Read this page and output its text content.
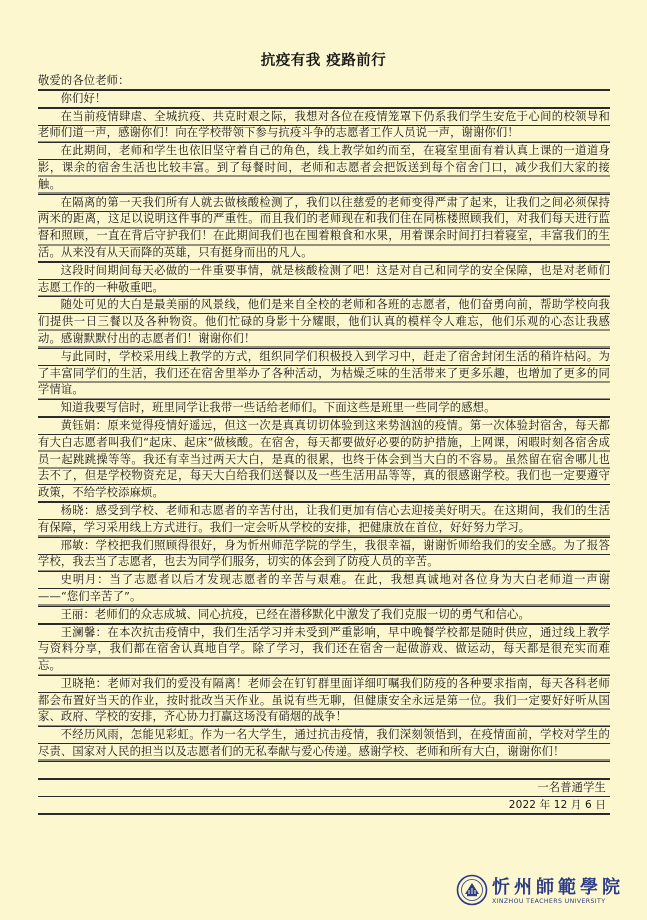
抗疫有我 疫路前行

敬爱的各位老师：

你们好！

在当前疫情肆虐、全城抗疫、共克时艰之际，我想对各位在疫情笼罩下仍系我们学生安危于心间的校领导和老师们道一声，感谢你们！向在学校带领下参与抗疫斗争的志愿者工作人员说一声，谢谢你们！

在此期间，老师和学生也依旧坚守着自己的角色，线上教学如约而至，在寝室里面有着认真上课的一道道身影，课余的宿舍生活也比较丰富。到了每餐时间，老师和志愿者会把饭送到每个宿舍门口，减少我们大家的接触。

在隔离的第一天我们所有人就去做核酸检测了，我们以往慈爱的老师变得严肃了起来，让我们之间必须保持两米的距离，这足以说明这件事的严重性。而且我们的老师现在和我们住在同栋楼照顾我们，对我们每天进行监督和照顾，一直在背后守护我们！在此期间我们也在囤着粮食和水果，用着课余时间打扫着寝室，丰富我们的生活。从来没有从天而降的英雄，只有挺身而出的凡人。

这段时间期间每天必做的一件重要事情，就是核酸检测了吧！这是对自己和同学的安全保障，也是对老师们志愿工作的一种敬重吧。

随处可见的大白是最美丽的风景线，他们是来自全校的老师和各班的志愿者，他们奋勇向前，帮助学校向我们提供一日三餐以及各种物资。他们忙碌的身影十分耀眼，他们认真的模样令人难忘，他们乐观的心态让我感动。感谢默默付出的志愿者们！谢谢你们！

与此同时，学校采用线上教学的方式，组织同学们积极投入到学习中，赶走了宿舍封闭生活的稍许枯闷。为了丰富同学们的生活，我们还在宿舍里举办了各种活动，为枯燥乏味的生活带来了更多乐趣，也增加了更多的同学情谊。

知道我要写信时，班里同学让我带一些话给老师们。下面这些是班里一些同学的感想。

黄钰娟：原来觉得疫情好遥远，但这一次是真真切切体验到这来势汹汹的疫情。第一次体验封宿舍，每天都有大白志愿者叫我们“起床、起床”做核酸。在宿舍，每天都要做好必要的防护措施，上网课，闲暇时刻各宿舍成员一起跳跳操等等。我还有幸当过两天大白，是真的很累，也终于体会到当大白的不容易。虽然留在宿舍哪儿也去不了，但是学校物资充足，每天大白给我们送餐以及一些生活用品等等，真的很感谢学校。我们也一定要遵守政策，不给学校添麻烦。

杨晓：感受到学校、老师和志愿者的辛苦付出，让我们更加有信心去迎接美好明天。在这期间，我们的生活有保障，学习采用线上方式进行。我们一定会听从学校的安排，把健康放在首位，好好努力学习。

邢敏：学校把我们照顾得很好，身为忻州师范学院的学生，我很幸福，谢谢忻师给我们的安全感。为了报答学校，我去当了志愿者，也去为同学们服务，切实的体会到了防疫人员的辛苦。

史明月：当了志愿者以后才发现志愿者的辛苦与艰难。在此，我想真诚地对各位身为大白老师道一声谢——“您们辛苦了”。

王丽：老师们的众志成城、同心抗疫，已经在潜移默化中激发了我们克服一切的勇气和信心。

王澜馨：在本次抗击疫情中，我们生活学习并未受到严重影响，早中晚餐学校都是随时供应，通过线上教学与资料分享，我们都在宿舍认真地自学。除了学习，我们还在宿舍一起做游戏、做运动，每天都是很充实而难忘。

卫晓艳：老师对我们的爱没有隔离！老师会在钉钉群里面详细叮嘱我们防疫的各种要求指南，每天各科老师都会布置好当天的作业，按时批改当天作业。虽说有些无聊，但健康安全永远是第一位。我们一定要好好听从国家、政府、学校的安排，齐心协力打赢这场没有硝烟的战争！

不经历风雨，怎能见彩虹。作为一名大学生，通过抗击疫情，我们深刻领悟到，在疫情面前，学校对学生的尽责、国家对人民的担当以及志愿者们的无私奉献与爱心传递。感谢学校、老师和所有大白，谢谢你们！

一名普通学生

2022 年 12 月 6 日

忻州師範學院
XINZHOU TEACHERS UNIVERSITY
